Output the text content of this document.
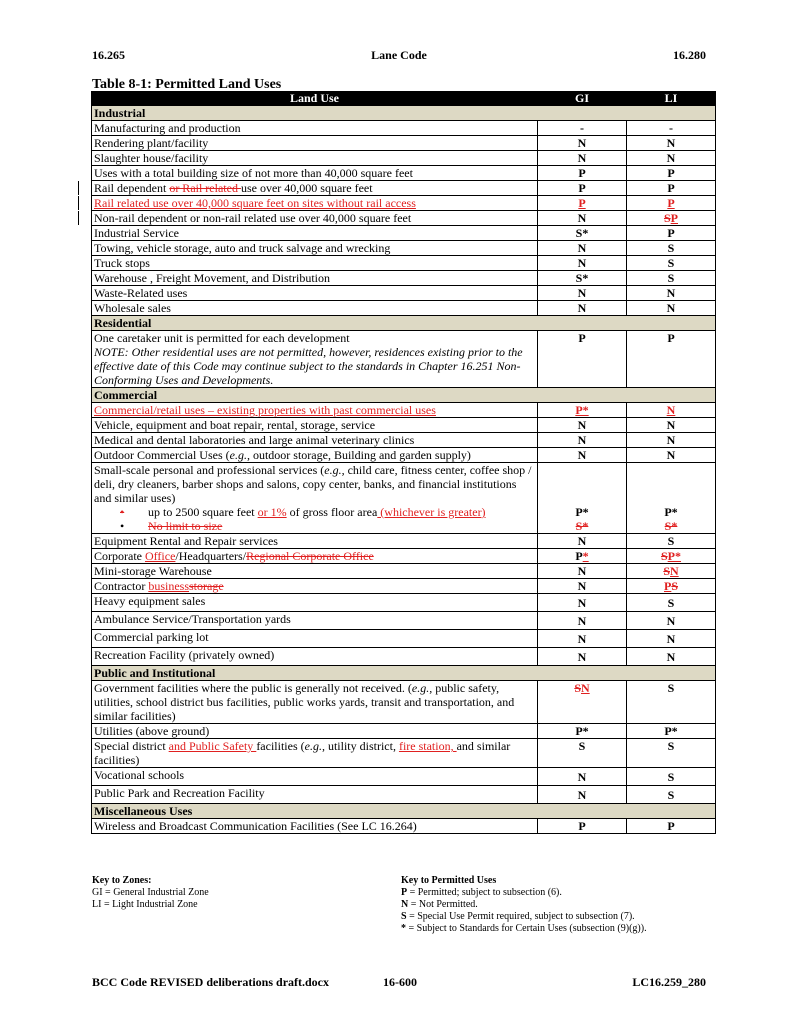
16.265	Lane Code	16.280
Table 8-1: Permitted Land Uses
Land Use	GI	LI
Industrial		
Manufacturing and production	-	-
Rendering plant/facility	N	N
Slaughter house/facility	N	N
Uses with a total building size of not more than 40,000 square feet	P	P
Rail dependent or Rail related use over 40,000 square feet	P	P
Rail related use over 40,000 square feet on sites without rail access	P	P
Non-rail dependent or non-rail related use over 40,000 square feet	N	SP
Industrial Service	S*	P
Towing, vehicle storage, auto and truck salvage and wrecking	N	S
Truck stops	N	S
Warehouse , Freight Movement, and Distribution	S*	S
Waste-Related uses	N	N
Wholesale sales	N	N
Residential		

One caretaker unit is permitted for each development
NOTE: Other residential uses are not permitted, however, residences existing prior to the effective date of this Code may continue subject to the standards in Chapter 16.251 Non-Conforming Uses and Developments.	P	P
Commercial		
Commercial/retail uses – existing properties with past commercial uses	P*	N
Vehicle, equipment and boat repair, rental, storage, service	N	N
Medical and dental laboratories and large animal veterinary clinics	N	N
Outdoor Commercial Uses (e.g., outdoor storage, Building and garden supply)	N	N
Small-scale personal and professional services (e.g., child care, fitness center, coffee shop / deli, dry cleaners, barber shops and salons, copy center, banks, and financial institutions and similar uses)		
• up to 2500 square feet or 1% of gross floor area (whichever is greater)	P*	P*
• No limit to size	S*	S*
Equipment Rental and Repair services	N	S
Corporate Office/Headquarters/Regional Corporate Office	P*	SP*
Mini-storage Warehouse	N	SN
Contractor businessstorage	N	PS
Heavy equipment sales	N	S
Ambulance Service/Transportation yards	N	N
Commercial parking lot	N	N
Recreation Facility (privately owned)	N	N
Public and Institutional		
Government facilities where the public is generally not received. (e.g., public safety, utilities, school district bus facilities, public works yards, transit and transportation, and similar facilities)	SN	S
Utilities (above ground)	P*	P*
Special district and Public Safety facilities (e.g., utility district, fire station, and similar facilities)	S	S
Vocational schools	N	S
Public Park and Recreation Facility	N	S
Miscellaneous Uses		
Wireless and Broadcast Communication Facilities (See LC 16.264)	P	P
Key to Zones:
GI = General Industrial Zone
LI = Light Industrial Zone
Key to Permitted Uses
P = Permitted; subject to subsection (6).
N = Not Permitted.
S = Special Use Permit required, subject to subsection (7).
* = Subject to Standards for Certain Uses (subsection (9)(g)).
BCC Code REVISED deliberations draft.docx	16-600	LC16.259_280
